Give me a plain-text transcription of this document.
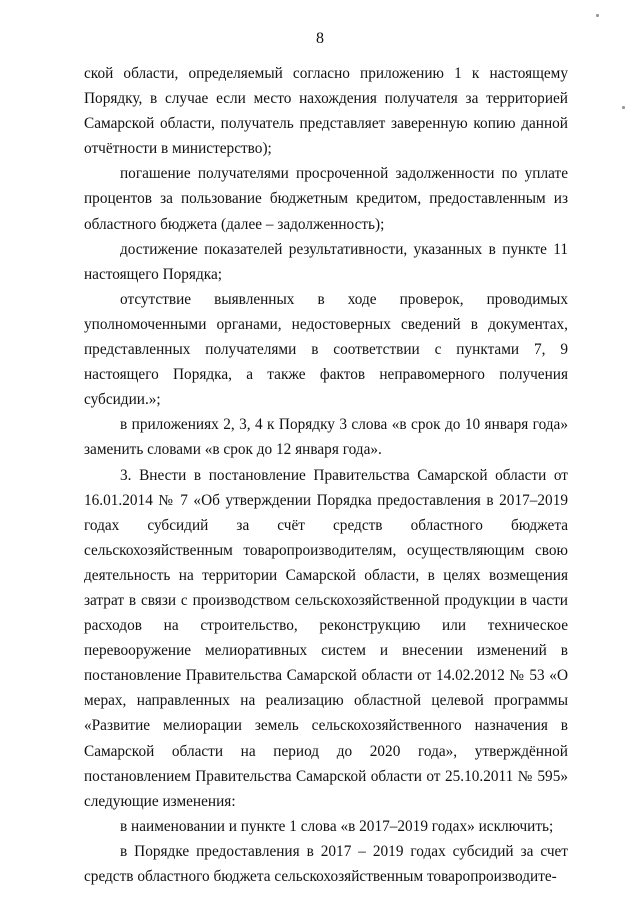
8

ской области, определяемый согласно приложению 1 к настоящему Порядку, в случае если место нахождения получателя за территорией Самарской области, получатель представляет заверенную копию данной отчётности в министерство);

погашение получателями просроченной задолженности по уплате процентов за пользование бюджетным кредитом, предоставленным из областного бюджета (далее – задолженность);

достижение показателей результативности, указанных в пункте 11 настоящего Порядка;

отсутствие выявленных в ходе проверок, проводимых уполномоченными органами, недостоверных сведений в документах, представленных получателями в соответствии с пунктами 7, 9 настоящего Порядка, а также фактов неправомерного получения субсидии.»;

в приложениях 2, 3, 4 к Порядку 3 слова «в срок до 10 января года» заменить словами «в срок до 12 января года».

3. Внести в постановление Правительства Самарской области от 16.01.2014 № 7 «Об утверждении Порядка предоставления в 2017–2019 годах субсидий за счёт средств областного бюджета сельскохозяйственным товаропроизводителям, осуществляющим свою деятельность на территории Самарской области, в целях возмещения затрат в связи с производством сельскохозяйственной продукции в части расходов на строительство, реконструкцию или техническое перевооружение мелиоративных систем и внесении изменений в постановление Правительства Самарской области от 14.02.2012 № 53 «О мерах, направленных на реализацию областной целевой программы «Развитие мелиорации земель сельскохозяйственного назначения в Самарской области на период до 2020 года», утверждённой постановлением Правительства Самарской области от 25.10.2011 № 595» следующие изменения:

в наименовании и пункте 1 слова «в 2017–2019 годах» исключить;

в Порядке предоставления в 2017 – 2019 годах субсидий за счет средств областного бюджета сельскохозяйственным товаропроизводите-
